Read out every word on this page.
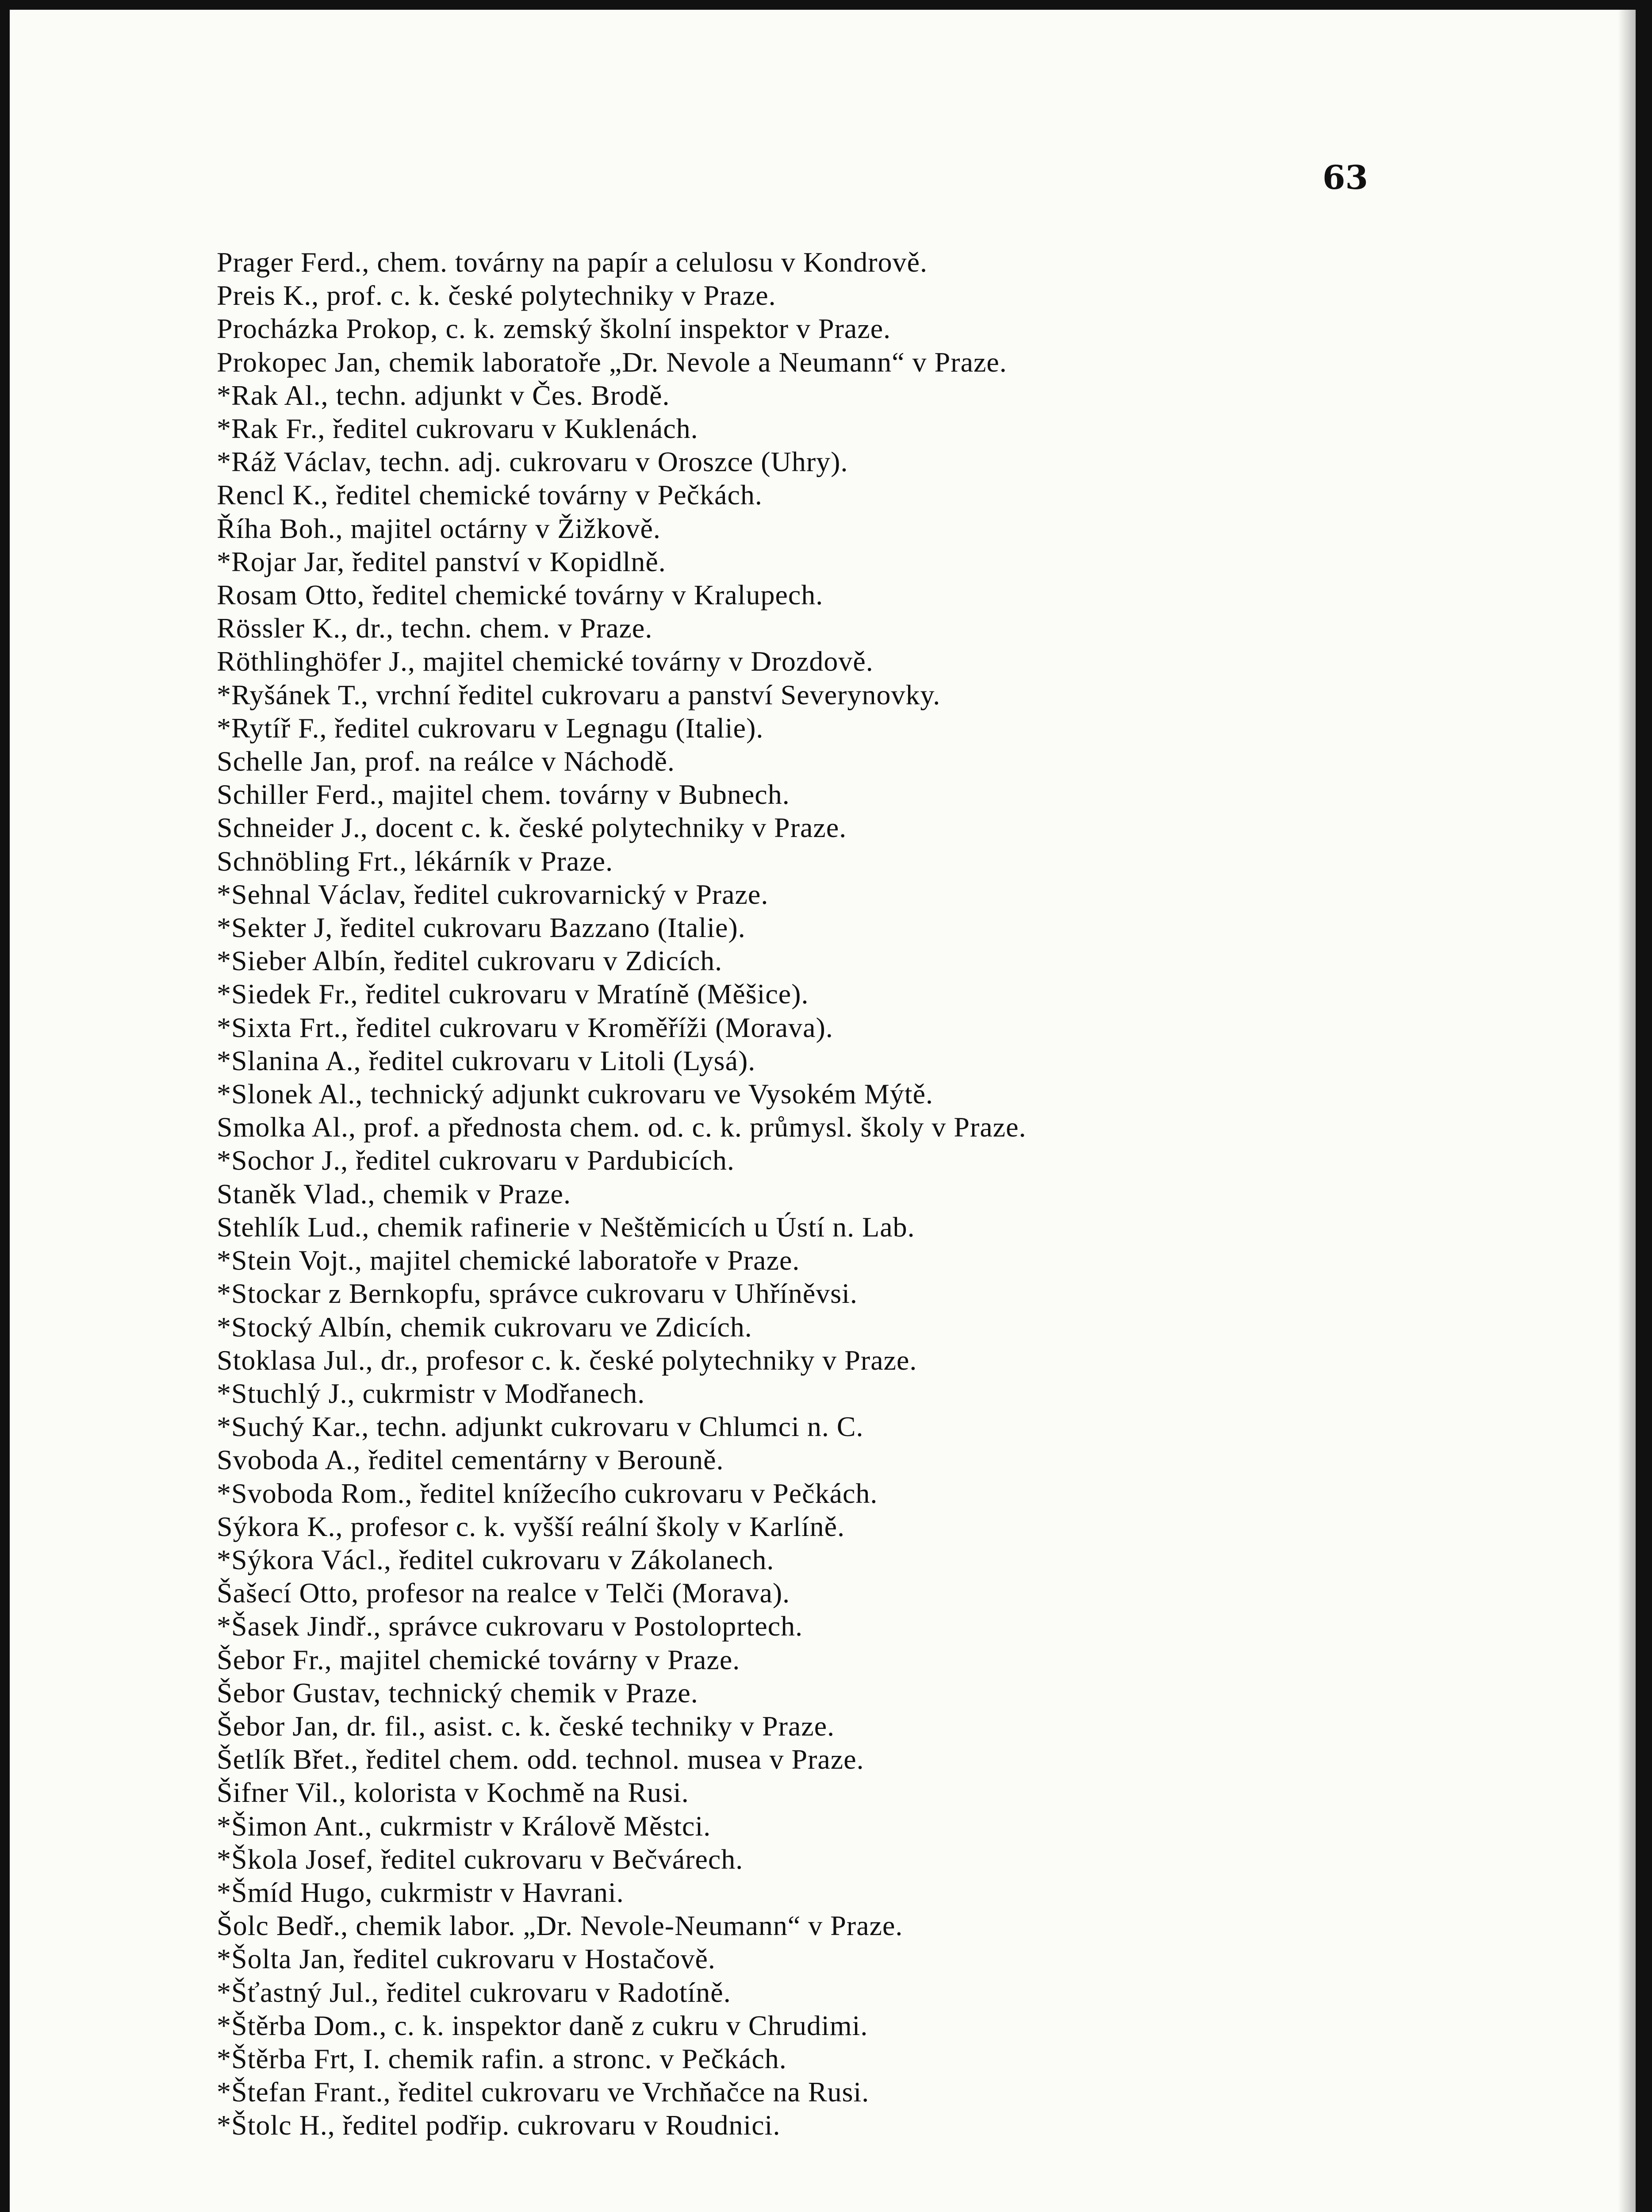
63
Prager Ferd., chem. továrny na papír a celulosu v Kondrově.
Preis K., prof. c. k. české polytechniky v Praze.
Procházka Prokop, c. k. zemský školní inspektor v Praze.
Prokopec Jan, chemik laboratoře „Dr. Nevole a Neumann“ v Praze.
*Rak Al., techn. adjunkt v Čes. Brodě.
*Rak Fr., ředitel cukrovaru v Kuklenách.
*Ráž Václav, techn. adj. cukrovaru v Oroszce (Uhry).
Rencl K., ředitel chemické továrny v Pečkách.
Říha Boh., majitel octárny v Žižkově.
*Rojar Jar, ředitel panství v Kopidlně.
Rosam Otto, ředitel chemické továrny v Kralupech.
Rössler K., dr., techn. chem. v Praze.
Röthlinghöfer J., majitel chemické továrny v Drozdově.
*Ryšánek T., vrchní ředitel cukrovaru a panství Severynovky.
*Rytíř F., ředitel cukrovaru v Legnagu (Italie).
Schelle Jan, prof. na reálce v Náchodě.
Schiller Ferd., majitel chem. továrny v Bubnech.
Schneider J., docent c. k. české polytechniky v Praze.
Schnöbling Frt., lékárník v Praze.
*Sehnal Václav, ředitel cukrovarnický v Praze.
*Sekter J, ředitel cukrovaru Bazzano (Italie).
*Sieber Albín, ředitel cukrovaru v Zdicích.
*Siedek Fr., ředitel cukrovaru v Mratíně (Měšice).
*Sixta Frt., ředitel cukrovaru v Kroměříži (Morava).
*Slanina A., ředitel cukrovaru v Litoli (Lysá).
*Slonek Al., technický adjunkt cukrovaru ve Vysokém Mýtě.
Smolka Al., prof. a přednosta chem. od. c. k. průmysl. školy v Praze.
*Sochor J., ředitel cukrovaru v Pardubicích.
Staněk Vlad., chemik v Praze.
Stehlík Lud., chemik rafinerie v Neštěmicích u Ústí n. Lab.
*Stein Vojt., majitel chemické laboratoře v Praze.
*Stockar z Bernkopfu, správce cukrovaru v Uhříněvsi.
*Stocký Albín, chemik cukrovaru ve Zdicích.
Stoklasa Jul., dr., profesor c. k. české polytechniky v Praze.
*Stuchlý J., cukrmistr v Modřanech.
*Suchý Kar., techn. adjunkt cukrovaru v Chlumci n. C.
Svoboda A., ředitel cementárny v Berouně.
*Svoboda Rom., ředitel knížecího cukrovaru v Pečkách.
Sýkora K., profesor c. k. vyšší reální školy v Karlíně.
*Sýkora Václ., ředitel cukrovaru v Zákolanech.
Šašecí Otto, profesor na realce v Telči (Morava).
*Šasek Jindř., správce cukrovaru v Postoloprtech.
Šebor Fr., majitel chemické továrny v Praze.
Šebor Gustav, technický chemik v Praze.
Šebor Jan, dr. fil., asist. c. k. české techniky v Praze.
Šetlík Břet., ředitel chem. odd. technol. musea v Praze.
Šifner Vil., kolorista v Kochmě na Rusi.
*Šimon Ant., cukrmistr v Králově Městci.
*Škola Josef, ředitel cukrovaru v Bečvárech.
*Šmíd Hugo, cukrmistr v Havrani.
Šolc Bedř., chemik labor. „Dr. Nevole-Neumann“ v Praze.
*Šolta Jan, ředitel cukrovaru v Hostačově.
*Šťastný Jul., ředitel cukrovaru v Radotíně.
*Štěrba Dom., c. k. inspektor daně z cukru v Chrudimi.
*Štěrba Frt, I. chemik rafin. a stronc. v Pečkách.
*Štefan Frant., ředitel cukrovaru ve Vrchňačce na Rusi.
*Štolc H., ředitel podřip. cukrovaru v Roudnici.
